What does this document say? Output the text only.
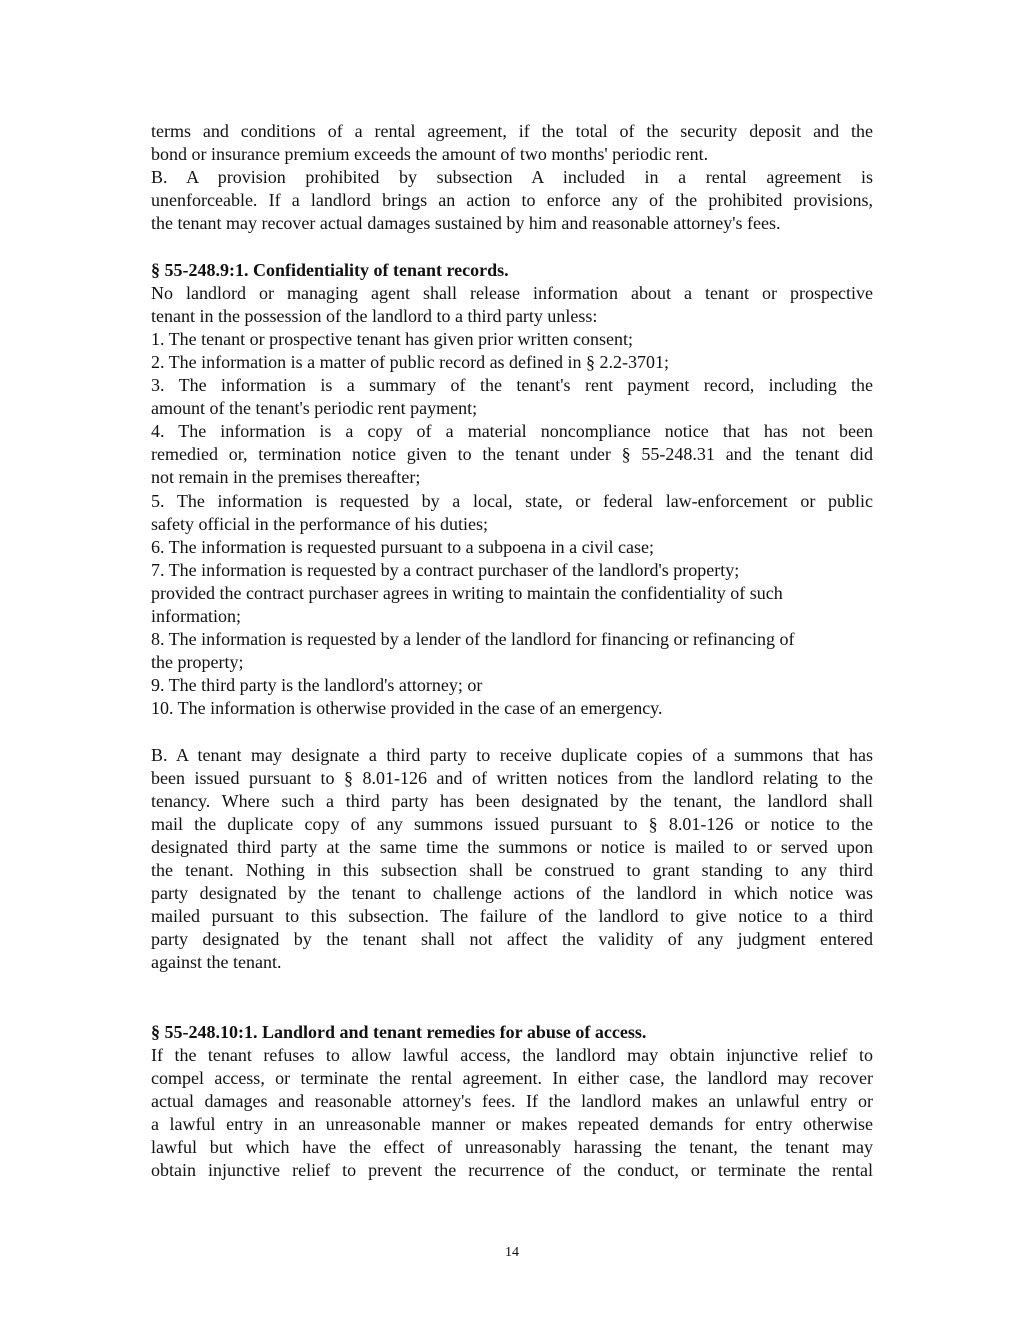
terms and conditions of a rental agreement, if the total of the security deposit and the
bond or insurance premium exceeds the amount of two months' periodic rent.
B. A provision prohibited by subsection A included in a rental agreement is
unenforceable. If a landlord brings an action to enforce any of the prohibited provisions,
the tenant may recover actual damages sustained by him and reasonable attorney's fees.
§ 55-248.9:1. Confidentiality of tenant records.
No landlord or managing agent shall release information about a tenant or prospective
tenant in the possession of the landlord to a third party unless:
1. The tenant or prospective tenant has given prior written consent;
2. The information is a matter of public record as defined in § 2.2-3701;
3. The information is a summary of the tenant's rent payment record, including the
amount of the tenant's periodic rent payment;
4. The information is a copy of a material noncompliance notice that has not been
remedied or, termination notice given to the tenant under § 55-248.31 and the tenant did
not remain in the premises thereafter;
5. The information is requested by a local, state, or federal law-enforcement or public
safety official in the performance of his duties;
6. The information is requested pursuant to a subpoena in a civil case;
7. The information is requested by a contract purchaser of the landlord's property;
provided the contract purchaser agrees in writing to maintain the confidentiality of such
information;
8. The information is requested by a lender of the landlord for financing or refinancing of
the property;
9. The third party is the landlord's attorney; or
10. The information is otherwise provided in the case of an emergency.
B. A tenant may designate a third party to receive duplicate copies of a summons that has
been issued pursuant to § 8.01-126 and of written notices from the landlord relating to the
tenancy. Where such a third party has been designated by the tenant, the landlord shall
mail the duplicate copy of any summons issued pursuant to § 8.01-126 or notice to the
designated third party at the same time the summons or notice is mailed to or served upon
the tenant. Nothing in this subsection shall be construed to grant standing to any third
party designated by the tenant to challenge actions of the landlord in which notice was
mailed pursuant to this subsection. The failure of the landlord to give notice to a third
party designated by the tenant shall not affect the validity of any judgment entered
against the tenant.
§ 55-248.10:1. Landlord and tenant remedies for abuse of access.
If the tenant refuses to allow lawful access, the landlord may obtain injunctive relief to
compel access, or terminate the rental agreement. In either case, the landlord may recover
actual damages and reasonable attorney's fees. If the landlord makes an unlawful entry or
a lawful entry in an unreasonable manner or makes repeated demands for entry otherwise
lawful but which have the effect of unreasonably harassing the tenant, the tenant may
obtain injunctive relief to prevent the recurrence of the conduct, or terminate the rental
14
